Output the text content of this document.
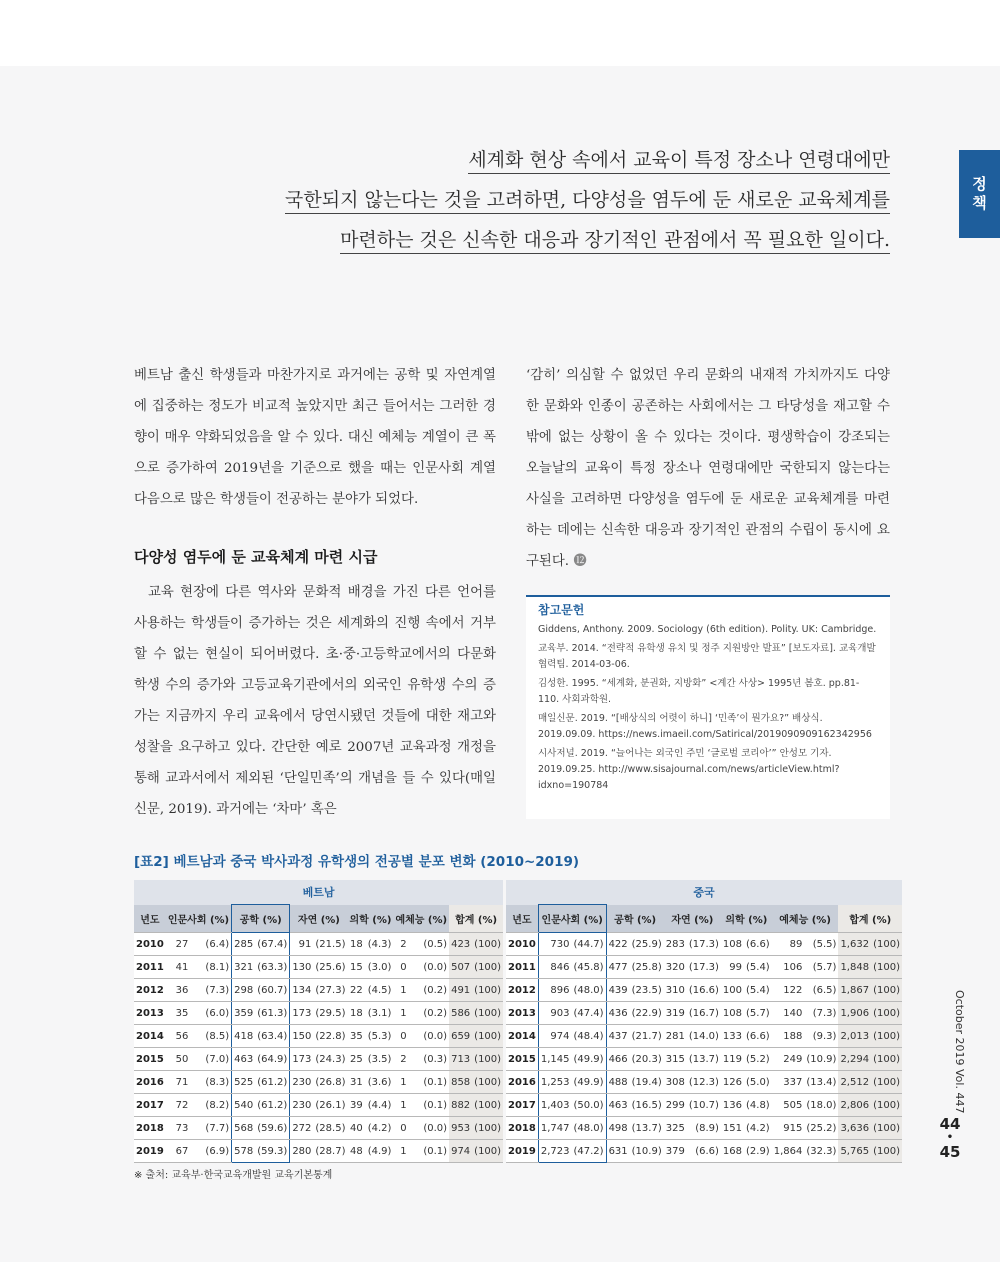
정
책
세계화 현상 속에서 교육이 특정 장소나 연령대에만
국한되지 않는다는 것을 고려하면, 다양성을 염두에 둔 새로운 교육체계를
마련하는 것은 신속한 대응과 장기적인 관점에서 꼭 필요한 일이다.
베트남 출신 학생들과 마찬가지로 과거에는 공학 및 자연계열에 집중하는 정도가 비교적 높았지만 최근 들어서는 그러한 경향이 매우 약화되었음을 알 수 있다. 대신 예체능 계열이 큰 폭으로 증가하여 2019년을 기준으로 했을 때는 인문사회 계열 다음으로 많은 학생들이 전공하는 분야가 되었다.
다양성 염두에 둔 교육체계 마련 시급
교육 현장에 다른 역사와 문화적 배경을 가진 다른 언어를 사용하는 학생들이 증가하는 것은 세계화의 진행 속에서 거부할 수 없는 현실이 되어버렸다. 초·중·고등학교에서의 다문화 학생 수의 증가와 고등교육기관에서의 외국인 유학생 수의 증가는 지금까지 우리 교육에서 당연시됐던 것들에 대한 재고와 성찰을 요구하고 있다. 간단한 예로 2007년 교육과정 개정을 통해 교과서에서 제외된 ‘단일민족’의 개념을 들 수 있다(매일신문, 2019). 과거에는 ‘차마’ 혹은
‘감히’ 의심할 수 없었던 우리 문화의 내재적 가치까지도 다양한 문화와 인종이 공존하는 사회에서는 그 타당성을 재고할 수밖에 없는 상황이 올 수 있다는 것이다. 평생학습이 강조되는 오늘날의 교육이 특정 장소나 연령대에만 국한되지 않는다는 사실을 고려하면 다양성을 염두에 둔 새로운 교육체계를 마련하는 데에는 신속한 대응과 장기적인 관점의 수립이 동시에 요구된다. ⓬
참고문헌
Giddens, Anthony. 2009. Sociology (6th edition). Polity. UK: Cambridge.
교육부. 2014. “전략적 유학생 유치 및 정주 지원방안 발표” [보도자료]. 교육개발협력팀. 2014-03-06.
김성한. 1995. “세계화, 분권화, 지방화” <계간 사상> 1995년 봄호. pp.81-110. 사회과학원.
매일신문. 2019. “[배상식의 어렷이 하니] ‘민족’이 뭔가요?” 배상식. 2019.09.09. https://news.imaeil.com/Satirical/2019090909162342956
시사저널. 2019. “늘어나는 외국인 주민 ‘글로벌 코리아’” 안성모 기자. 2019.09.25. http://www.sisajournal.com/news/articleView.html?idxno=190784
[표2] 베트남과 중국 박사과정 유학생의 전공별 분포 변화 (2010~2019)
베트남												
년도	인문사회 (%)		공학 (%)		자연 (%)		의학 (%)		예체능 (%)		합계 (%)	
2010	27	(6.4)	285	(67.4)	91	(21.5)	18	(4.3)	2	(0.5)	423	(100)
2011	41	(8.1)	321	(63.3)	130	(25.6)	15	(3.0)	0	(0.0)	507	(100)
2012	36	(7.3)	298	(60.7)	134	(27.3)	22	(4.5)	1	(0.2)	491	(100)
2013	35	(6.0)	359	(61.3)	173	(29.5)	18	(3.1)	1	(0.2)	586	(100)
2014	56	(8.5)	418	(63.4)	150	(22.8)	35	(5.3)	0	(0.0)	659	(100)
2015	50	(7.0)	463	(64.9)	173	(24.3)	25	(3.5)	2	(0.3)	713	(100)
2016	71	(8.3)	525	(61.2)	230	(26.8)	31	(3.6)	1	(0.1)	858	(100)
2017	72	(8.2)	540	(61.2)	230	(26.1)	39	(4.4)	1	(0.1)	882	(100)
2018	73	(7.7)	568	(59.6)	272	(28.5)	40	(4.2)	0	(0.0)	953	(100)
2019	67	(6.9)	578	(59.3)	280	(28.7)	48	(4.9)	1	(0.1)	974	(100)
중국												
년도	인문사회 (%)		공학 (%)		자연 (%)		의학 (%)		예체능 (%)		합계 (%)	
2010	730	(44.7)	422	(25.9)	283	(17.3)	108	(6.6)	89	(5.5)	1,632	(100)
2011	846	(45.8)	477	(25.8)	320	(17.3)	99	(5.4)	106	(5.7)	1,848	(100)
2012	896	(48.0)	439	(23.5)	310	(16.6)	100	(5.4)	122	(6.5)	1,867	(100)
2013	903	(47.4)	436	(22.9)	319	(16.7)	108	(5.7)	140	(7.3)	1,906	(100)
2014	974	(48.4)	437	(21.7)	281	(14.0)	133	(6.6)	188	(9.3)	2,013	(100)
2015	1,145	(49.9)	466	(20.3)	315	(13.7)	119	(5.2)	249	(10.9)	2,294	(100)
2016	1,253	(49.9)	488	(19.4)	308	(12.3)	126	(5.0)	337	(13.4)	2,512	(100)
2017	1,403	(50.0)	463	(16.5)	299	(10.7)	136	(4.8)	505	(18.0)	2,806	(100)
2018	1,747	(48.0)	498	(13.7)	325	(8.9)	151	(4.2)	915	(25.2)	3,636	(100)
2019	2,723	(47.2)	631	(10.9)	379	(6.6)	168	(2.9)	1,864	(32.3)	5,765	(100)
※ 출처: 교육부·한국교육개발원 교육기본통계
October 2019 Vol. 447
44
•
45
